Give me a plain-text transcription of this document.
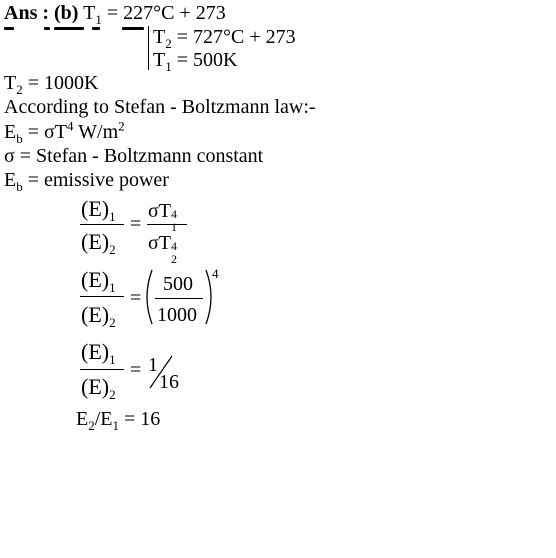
Ans : (b) $T_1 = 227^\circ C + 273$
$T_2 = 727^\circ C + 273$
$T_1 = 500K$
$T_2 = 1000K$
According to Stefan - Boltzmann law:-
$E_b = \sigma T^4$ $W/m^2$
σ = Stefan - Boltzmann constant
$E_b$ = emissive power
$(E)_1$
$(E)_2$
=
σT 4
1
σT 4
2
$(E)_1$
$(E)_2$
=
500
1000
4
$(E)_1$
$(E)_2$
= 1
16
$E_2/E_1 = 16$
